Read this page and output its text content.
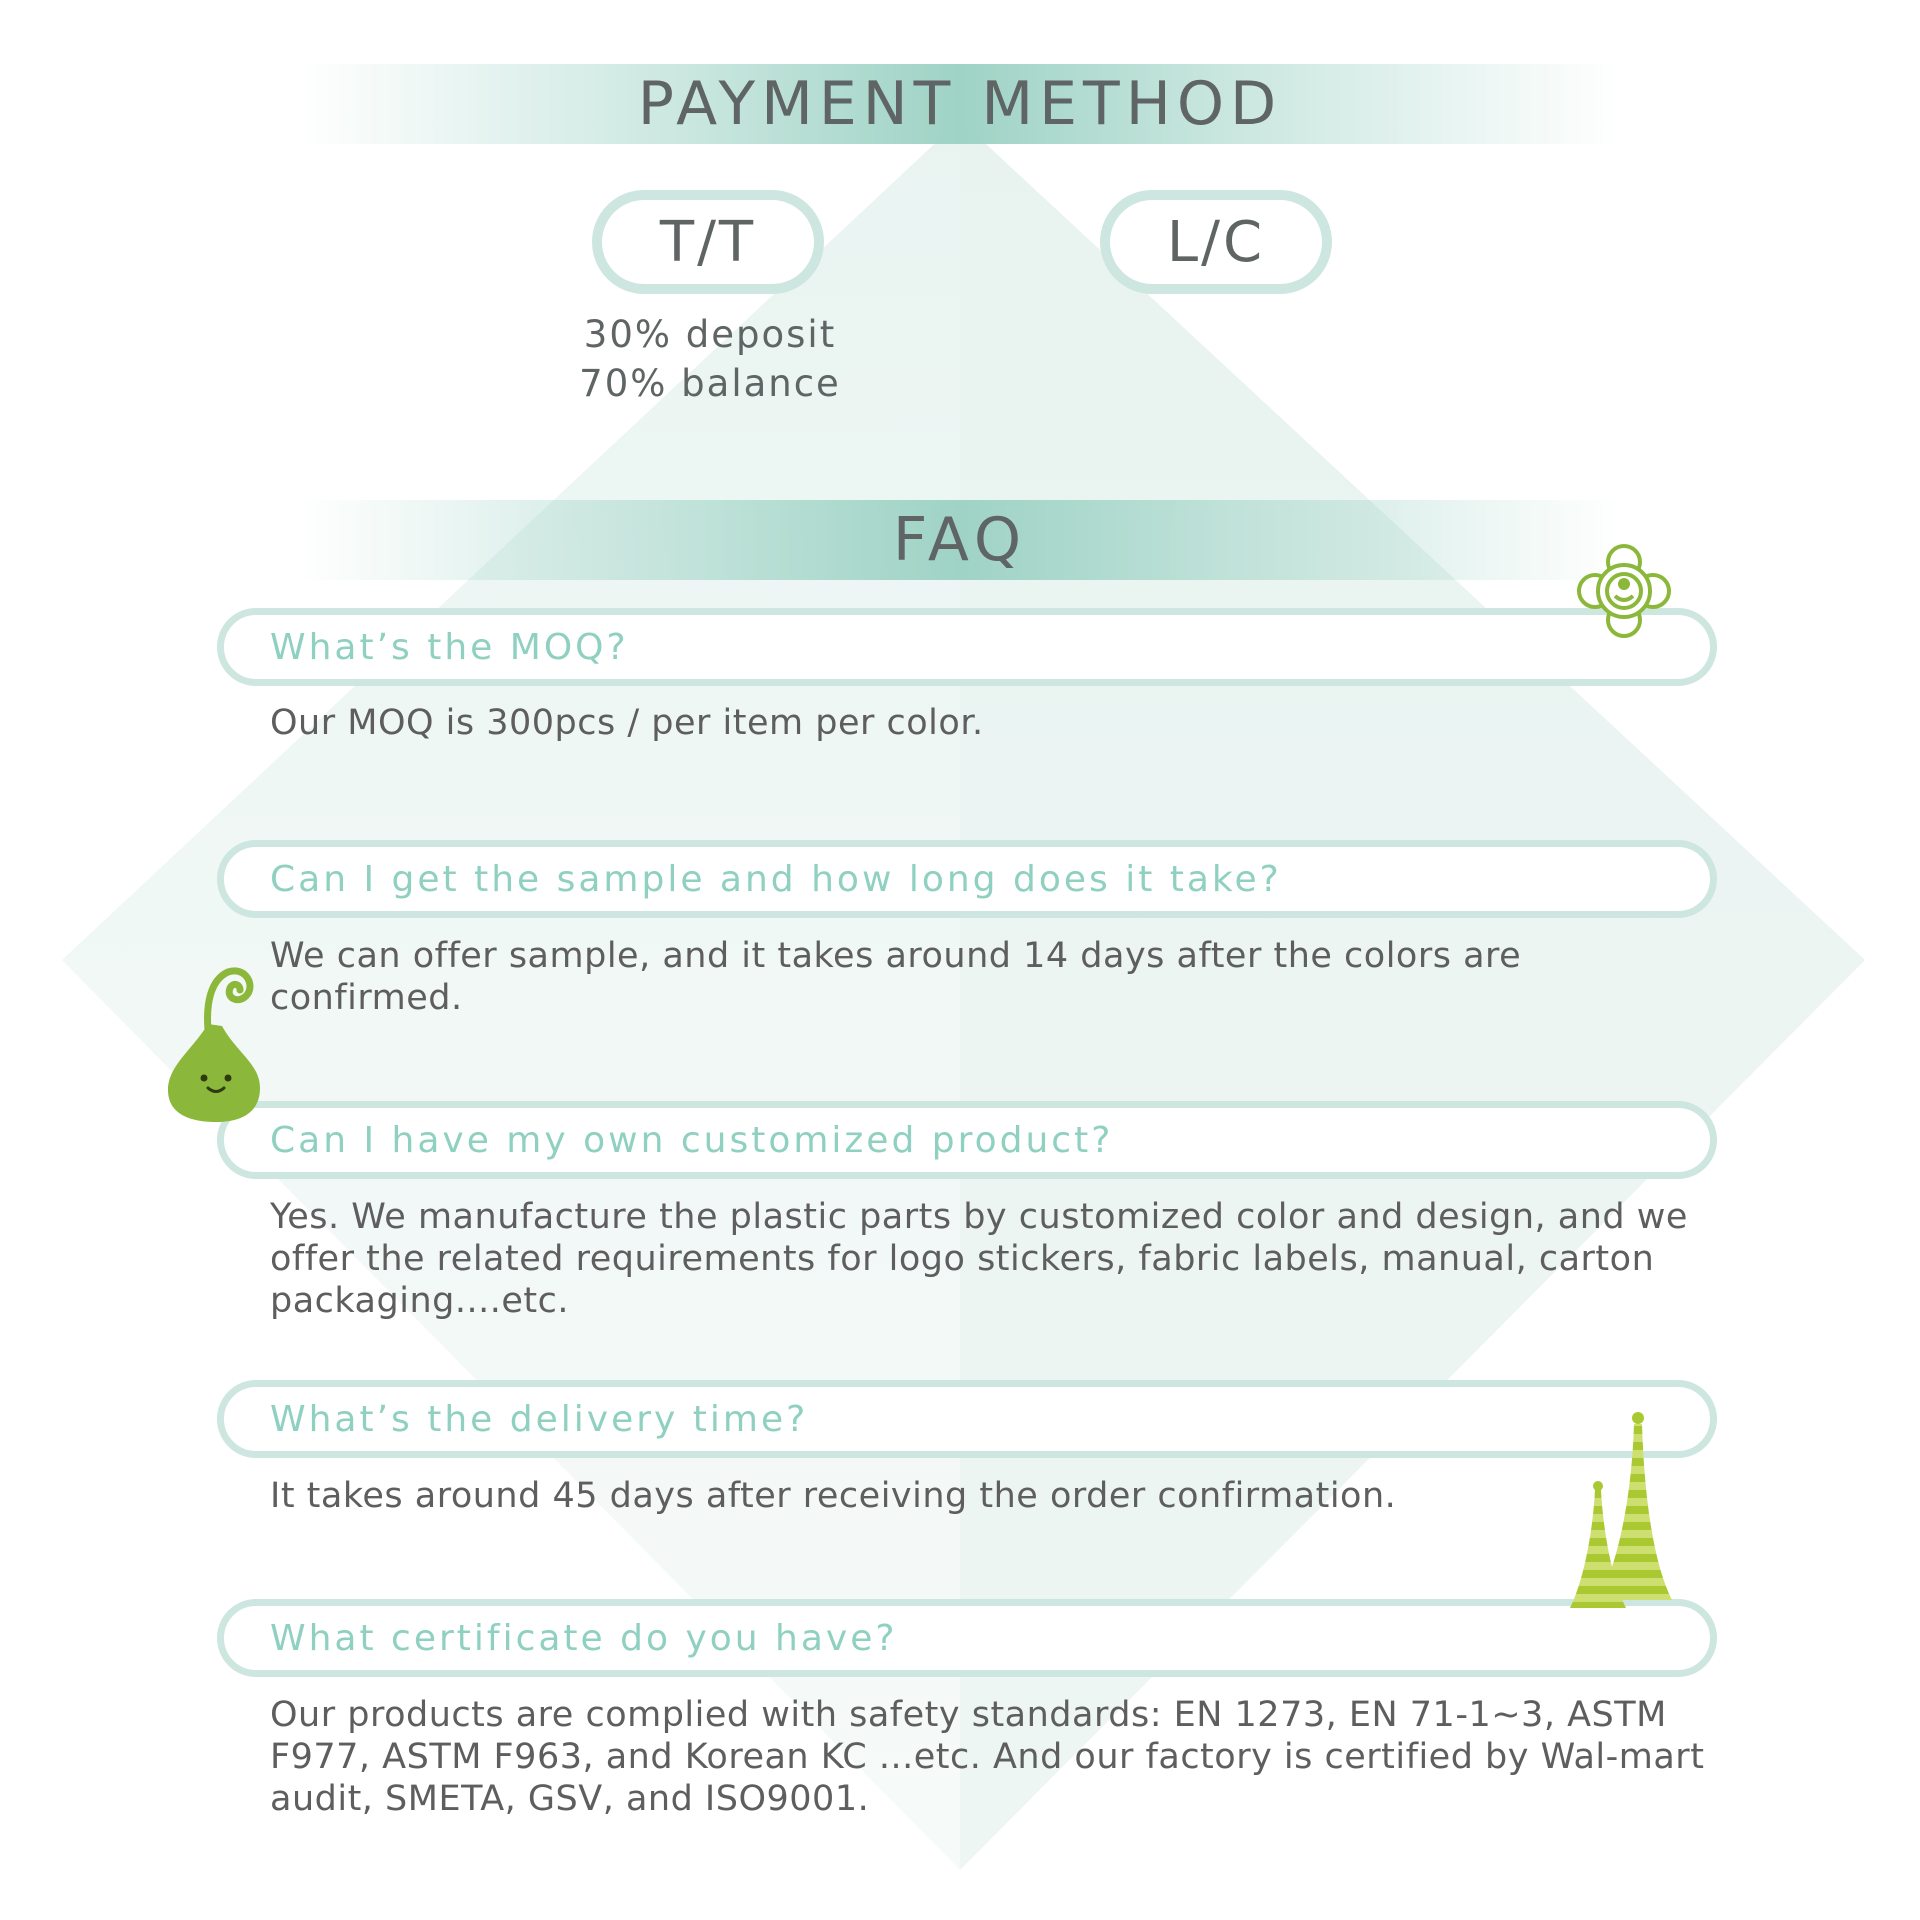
PAYMENT METHOD
T/T	L/C
30% deposit
70% balance
FAQ
What’s the MOQ?
Our MOQ is 300pcs / per item per color.
Can I get the sample and how long does it take?
We can offer sample, and it takes around 14 days after the colors are confirmed.
Can I have my own customized product?
Yes. We manufacture the plastic parts by customized color and design, and we offer the related requirements for logo stickers, fabric labels, manual, carton packaging....etc.
What’s the delivery time?
It takes around 45 days after receiving the order confirmation.
What certificate do you have?
Our products are complied with safety standards: EN 1273, EN 71-1~3, ASTM F977, ASTM F963, and Korean KC ...etc. And our factory is certified by Wal-mart audit, SMETA, GSV, and ISO9001.
